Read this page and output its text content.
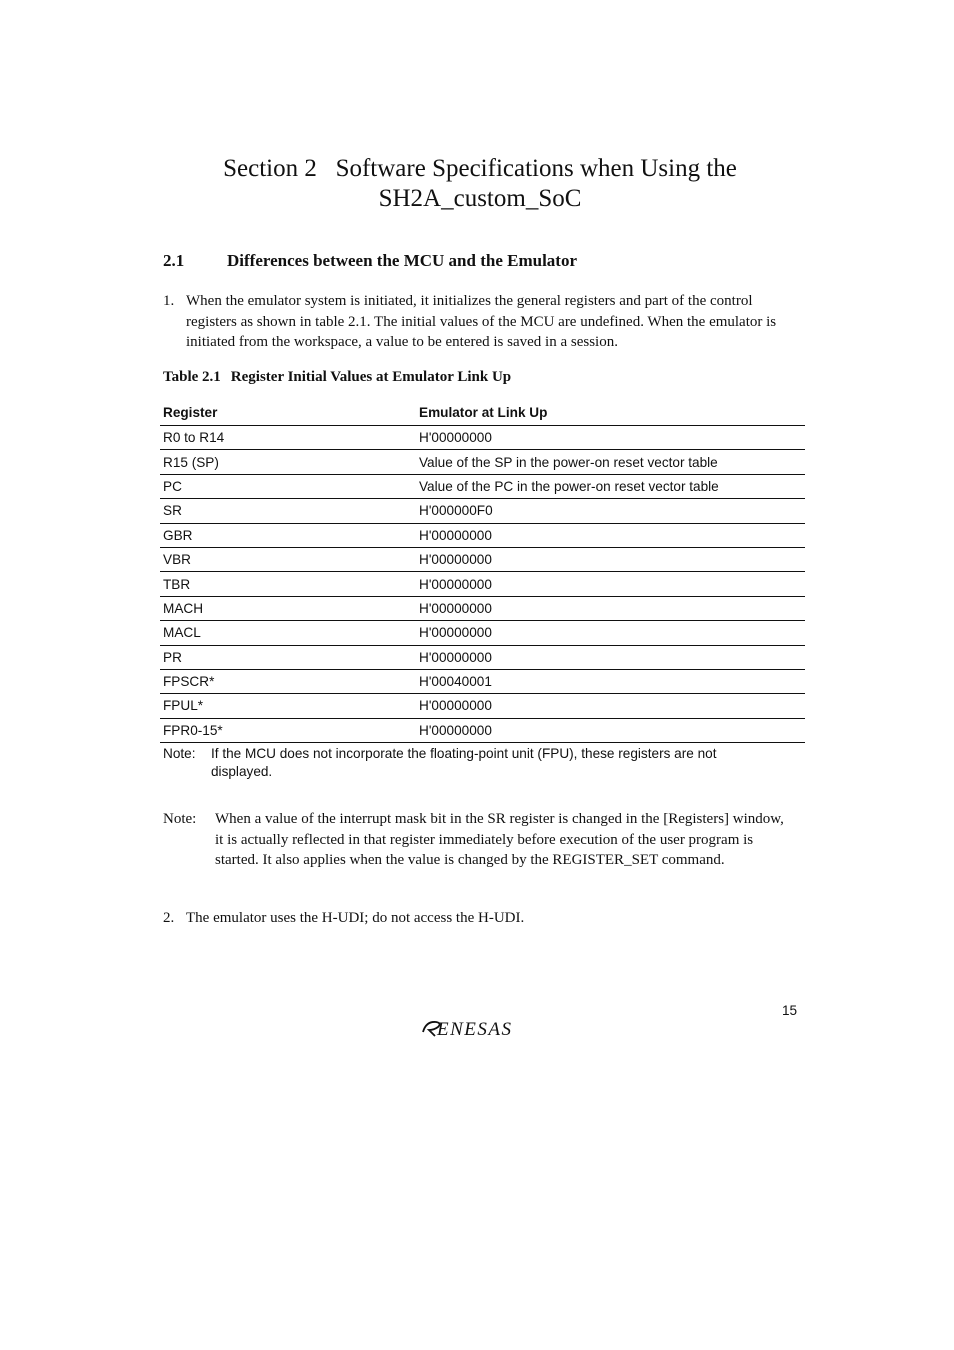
Section 2   Software Specifications when Using the
SH2A_custom_SoC
2.1	Differences between the MCU and the Emulator
1. When the emulator system is initiated, it initializes the general registers and part of the control registers as shown in table 2.1. The initial values of the MCU are undefined. When the emulator is initiated from the workspace, a value to be entered is saved in a session.
Table 2.1 Register Initial Values at Emulator Link Up
Register	Emulator at Link Up
R0 to R14	H'00000000
R15 (SP)	Value of the SP in the power-on reset vector table
PC	Value of the PC in the power-on reset vector table
SR	H'000000F0
GBR	H'00000000
VBR	H'00000000
TBR	H'00000000
MACH	H'00000000
MACL	H'00000000
PR	H'00000000
FPSCR*	H'00040001
FPUL*	H'00000000
FPR0-15*	H'00000000
Note: If the MCU does not incorporate the floating-point unit (FPU), these registers are not displayed.
Note: When a value of the interrupt mask bit in the SR register is changed in the [Registers] window, it is actually reflected in that register immediately before execution of the user program is started. It also applies when the value is changed by the REGISTER_SET command.
2. The emulator uses the H-UDI; do not access the H-UDI.
15
ENESAS
